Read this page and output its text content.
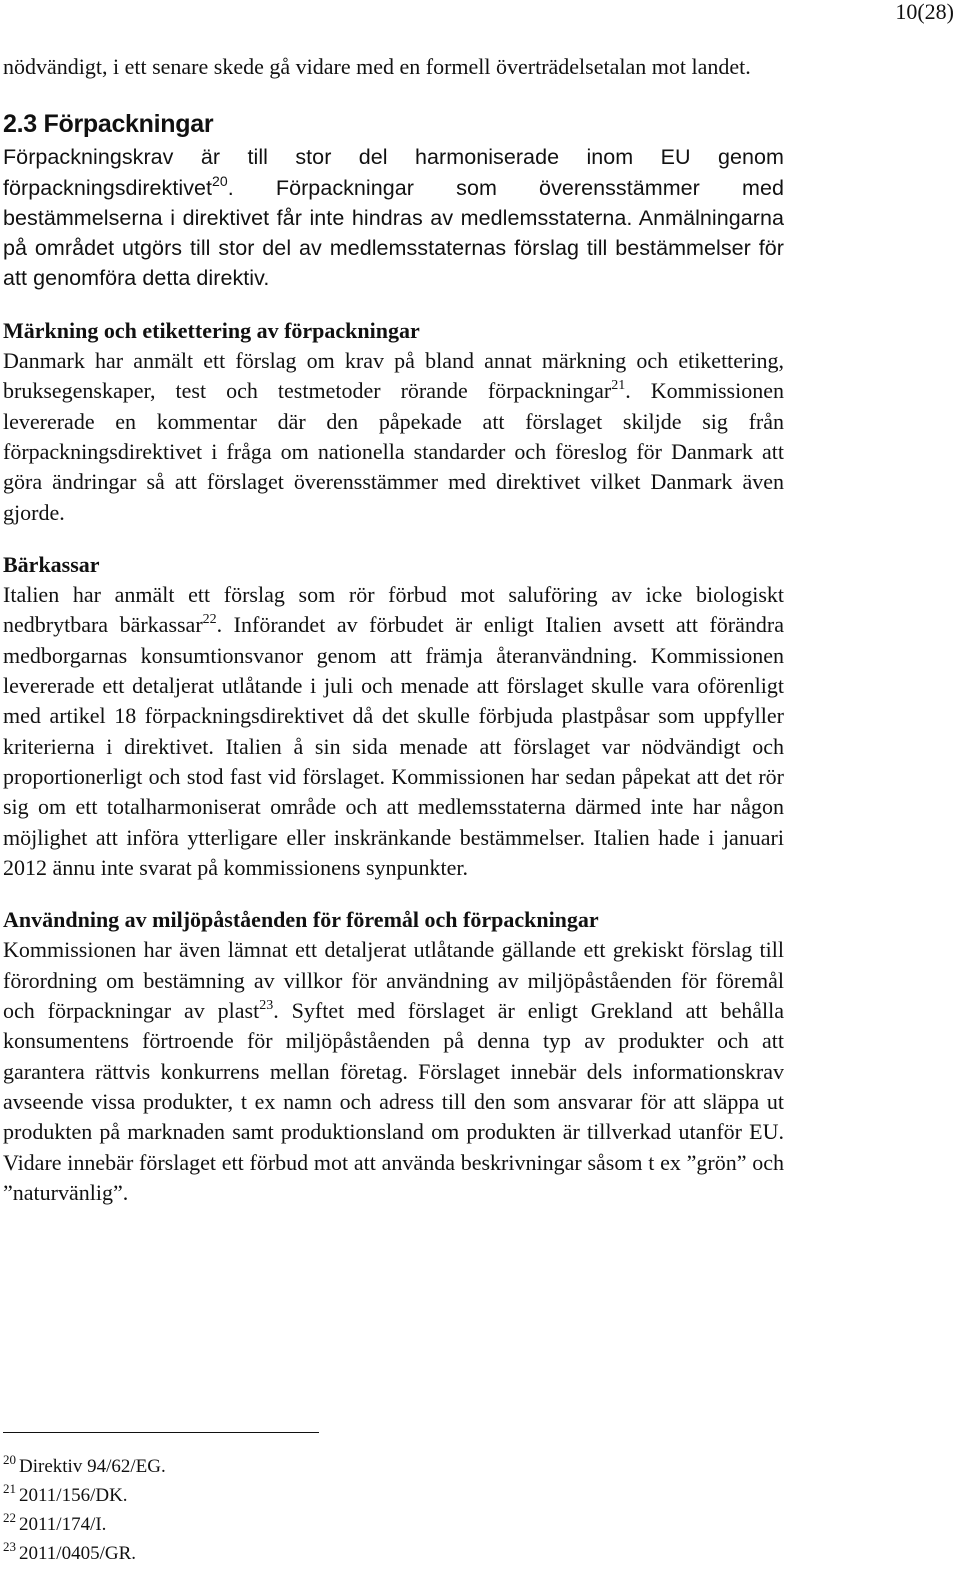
10(28)

nödvändigt, i ett senare skede gå vidare med en formell överträdelsetalan mot landet.

2.3 Förpackningar

Förpackningskrav är till stor del harmoniserade inom EU genom förpackningsdirektivet$^{20}$. Förpackningar som överensstämmer med bestämmelserna i direktivet får inte hindras av medlemsstaterna. Anmälningarna på området utgörs till stor del av medlemsstaternas förslag till bestämmelser för att genomföra detta direktiv.

Märkning och etikettering av förpackningar

Danmark har anmält ett förslag om krav på bland annat märkning och etikettering, bruksegenskaper, test och testmetoder rörande förpackningar$^{21}$. Kommissionen levererade en kommentar där den påpekade att förslaget skiljde sig från förpackningsdirektivet i fråga om nationella standarder och föreslog för Danmark att göra ändringar så att förslaget överensstämmer med direktivet vilket Danmark även gjorde.

Bärkassar

Italien har anmält ett förslag som rör förbud mot saluföring av icke biologiskt nedbrytbara bärkassar$^{22}$. Införandet av förbudet är enligt Italien avsett att förändra medborgarnas konsumtionsvanor genom att främja återanvändning. Kommissionen levererade ett detaljerat utlåtande i juli och menade att förslaget skulle vara oförenligt med artikel 18 förpackningsdirektivet då det skulle förbjuda plastpåsar som uppfyller kriterierna i direktivet. Italien å sin sida menade att förslaget var nödvändigt och proportionerligt och stod fast vid förslaget. Kommissionen har sedan påpekat att det rör sig om ett totalharmoniserat område och att medlemsstaterna därmed inte har någon möjlighet att införa ytterligare eller inskränkande bestämmelser. Italien hade i januari 2012 ännu inte svarat på kommissionens synpunkter.

Användning av miljöpåståenden för föremål och förpackningar

Kommissionen har även lämnat ett detaljerat utlåtande gällande ett grekiskt förslag till förordning om bestämning av villkor för användning av miljöpåståenden för föremål och förpackningar av plast$^{23}$. Syftet med förslaget är enligt Grekland att behålla konsumentens förtroende för miljöpåståenden på denna typ av produkter och att garantera rättvis konkurrens mellan företag. Förslaget innebär dels informationskrav avseende vissa produkter, t ex namn och adress till den som ansvarar för att släppa ut produkten på marknaden samt produktionsland om produkten är tillverkad utanför EU. Vidare innebär förslaget ett förbud mot att använda beskrivningar såsom t ex ”grön” och ”naturvänlig”.

$^{20}$ Direktiv 94/62/EG.
$^{21}$ 2011/156/DK.
$^{22}$ 2011/174/I.
$^{23}$ 2011/0405/GR.
